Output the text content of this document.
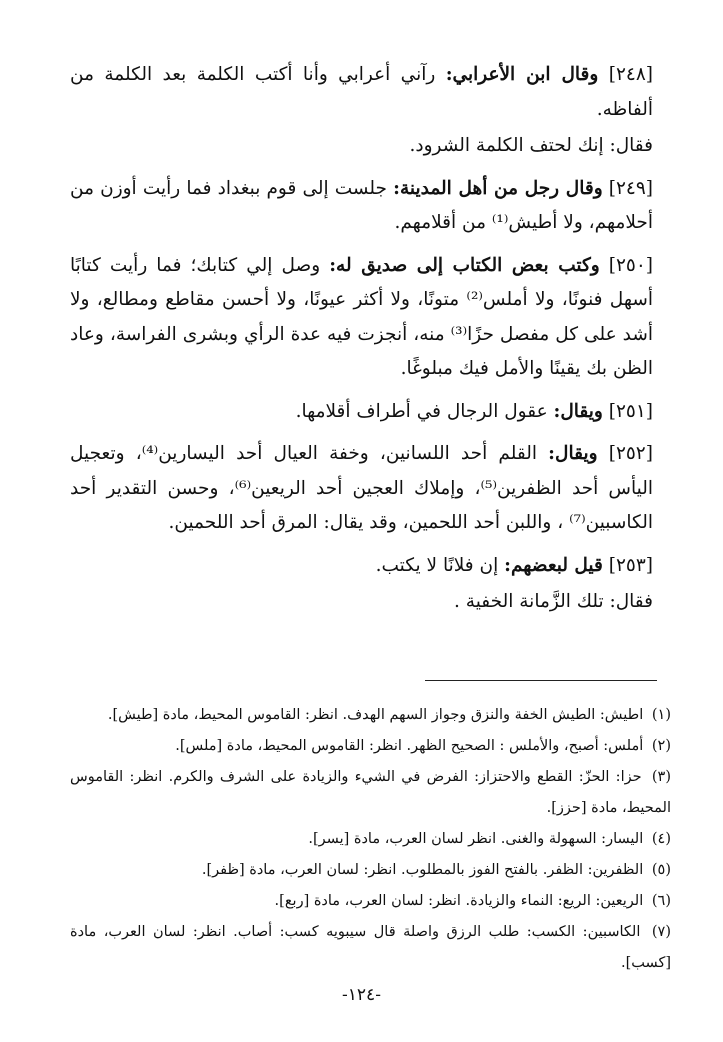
[٢٤٨] وقال ابن الأعرابي: رآني أعرابي وأنا أكتب الكلمة بعد الكلمة من ألفاظه.

فقال: إنك لحتف الكلمة الشرود.

[٢٤٩] وقال رجل من أهل المدينة: جلست إلى قوم ببغداد فما رأيت أوزن من أحلامهم، ولا أطيش⁽¹⁾ من أقلامهم.

[٢٥٠] وكتب بعض الكتاب إلى صديق له: وصل إلي كتابك؛ فما رأيت كتابًا أسهل فنونًا، ولا أملس⁽²⁾ متونًا، ولا أكثر عيونًا، ولا أحسن مقاطع ومطالع، ولا أشد على كل مفصل حزًا⁽³⁾ منه، أنجزت فيه عدة الرأي وبشرى الفراسة، وعاد الظن بك يقينًا والأمل فيك مبلوغًا.

[٢٥١] ويقال: عقول الرجال في أطراف أقلامها.

[٢٥٢] ويقال: القلم أحد اللسانين، وخفة العيال أحد اليسارين⁽⁴⁾، وتعجيل اليأس أحد الظفرين⁽⁵⁾، وإملاك العجين أحد الريعين⁽⁶⁾، وحسن التقدير أحد الكاسبين⁽⁷⁾ ، واللبن أحد اللحمين، وقد يقال: المرق أحد اللحمين.

[٢٥٣] قيل لبعضهم: إن فلانًا لا يكتب.

فقال: تلك الزَّمانة الخفية .

(١) اطيش: الطيش الخفة والنزق وجواز السهم الهدف. انظر: القاموس المحيط، مادة [طيش].

(٢) أملس: أصبح، والأملس : الصحيح الظهر. انظر: القاموس المحيط، مادة [ملس].

(٣) حزا: الحزّ: القطع والاحتزاز: الفرض في الشيء والزيادة على الشرف والكرم. انظر: القاموس المحيط، مادة [حزز].

(٤) اليسار: السهولة والغنى. انظر لسان العرب، مادة [يسر].

(٥) الظفرين: الظفر. بالفتح الفوز بالمطلوب. انظر: لسان العرب، مادة [ظفر].

(٦) الريعين: الريع: النماء والزيادة. انظر: لسان العرب، مادة [ربع].

(٧) الكاسبين: الكسب: طلب الرزق واصلة قال سيبويه كسب: أصاب. انظر: لسان العرب، مادة [كسب].

-١٢٤-
